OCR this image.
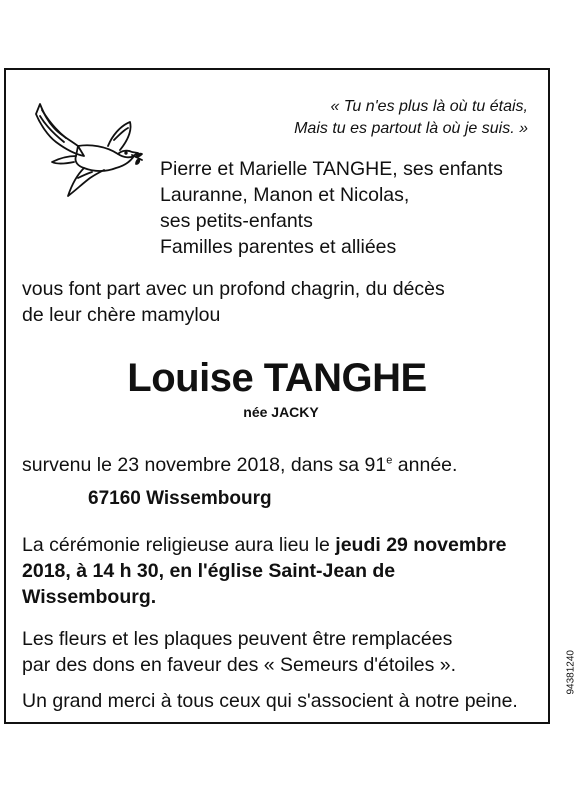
« Tu n'es plus là où tu étais,
Mais tu es partout là où je suis. »
Pierre et Marielle TANGHE, ses enfants
Lauranne, Manon et Nicolas,
ses petits-enfants
Familles parentes et alliées
vous font part avec un profond chagrin, du décès
de leur chère mamylou
Louise TANGHE
née JACKY
survenu le 23 novembre 2018, dans sa 91e année.
67160 Wissembourg
La cérémonie religieuse aura lieu le jeudi 29 novembre
2018, à 14 h 30, en l'église Saint-Jean de
Wissembourg.
Les fleurs et les plaques peuvent être remplacées
par des dons en faveur des « Semeurs d'étoiles ».
Un grand merci à tous ceux qui s'associent à notre peine.
94381240
